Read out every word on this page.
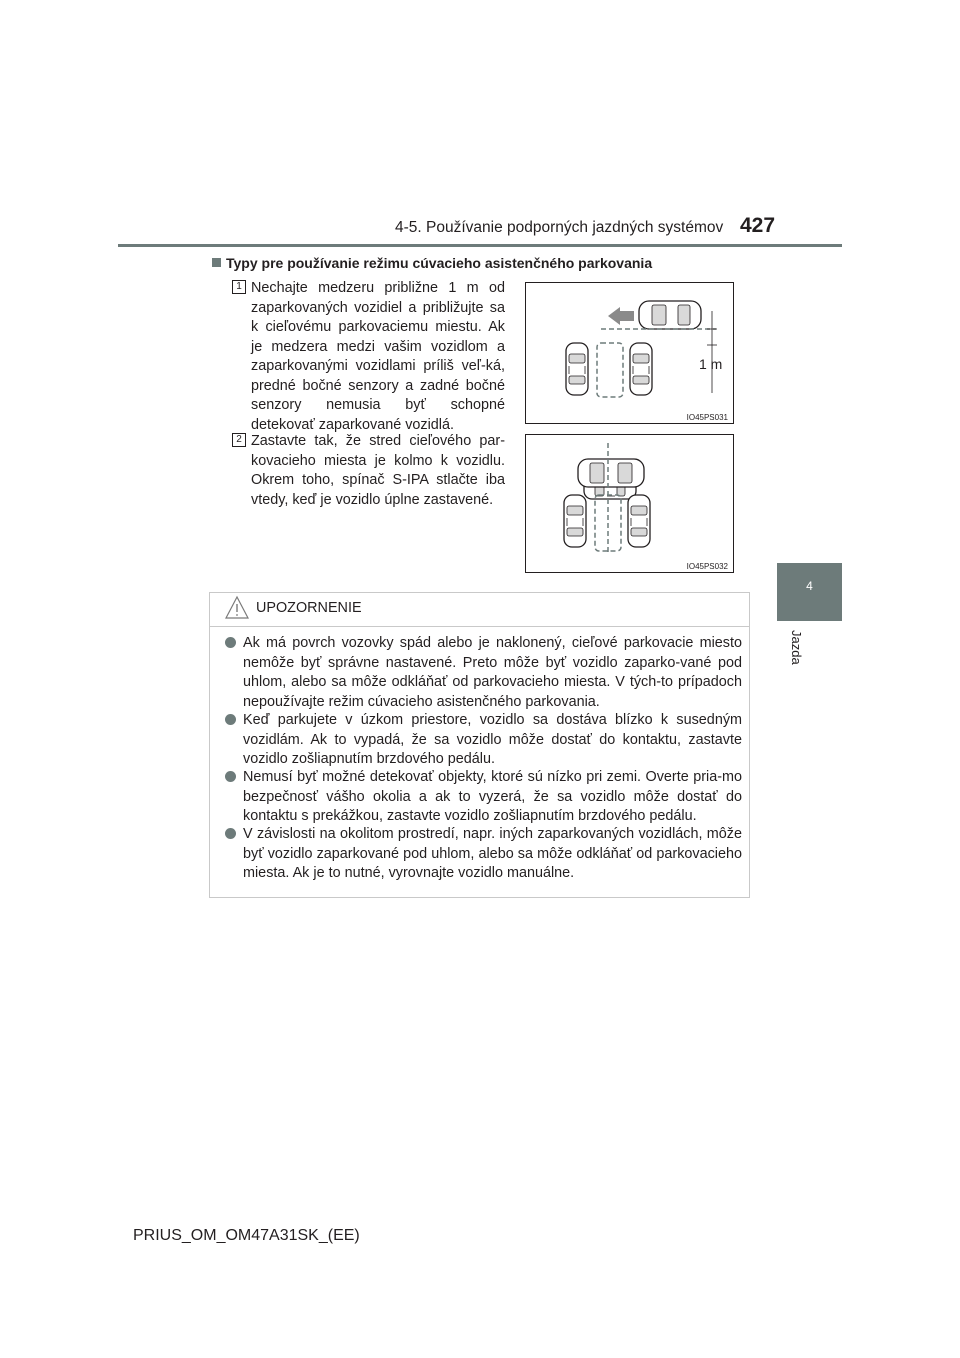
4-5. Používanie podporných jazdných systémov 427
4
Jazda
Typy pre používanie režimu cúvacieho asistenčného parkovania
1 Nechajte medzeru približne 1 m od zaparkovaných vozidiel a približujte sa k cieľovému parkovaciemu miestu. Ak je medzera medzi vašim vozidlom a zaparkovanými vozidlami príliš veľ-ká, predné bočné senzory a zadné bočné senzory nemusia byť schopné detekovať zaparkované vozidlá.
1 m
IO45PS031
2 Zastavte tak, že stred cieľového par-kovacieho miesta je kolmo k vozidlu. Okrem toho, spínač S-IPA stlačte iba vtedy, keď je vozidlo úplne zastavené.
IO45PS032
UPOZORNENIE
Ak má povrch vozovky spád alebo je naklonený, cieľové parkovacie miesto nemôže byť správne nastavené. Preto môže byť vozidlo zaparko-vané pod uhlom, alebo sa môže odkláňať od parkovacieho miesta. V tých-to prípadoch nepoužívajte režim cúvacieho asistenčného parkovania.
Keď parkujete v úzkom priestore, vozidlo sa dostáva blízko k susedným vozidlám. Ak to vypadá, že sa vozidlo môže dostať do kontaktu, zastavte vozidlo zošliapnutím brzdového pedálu.
Nemusí byť možné detekovať objekty, ktoré sú nízko pri zemi. Overte pria-mo bezpečnosť vášho okolia a ak to vyzerá, že sa vozidlo môže dostať do kontaktu s prekážkou, zastavte vozidlo zošliapnutím brzdového pedálu.
V závislosti na okolitom prostredí, napr. iných zaparkovaných vozidlách, môže byť vozidlo zaparkované pod uhlom, alebo sa môže odkláňať od parkovacieho miesta. Ak je to nutné, vyrovnajte vozidlo manuálne.
PRIUS_OM_OM47A31SK_(EE)
